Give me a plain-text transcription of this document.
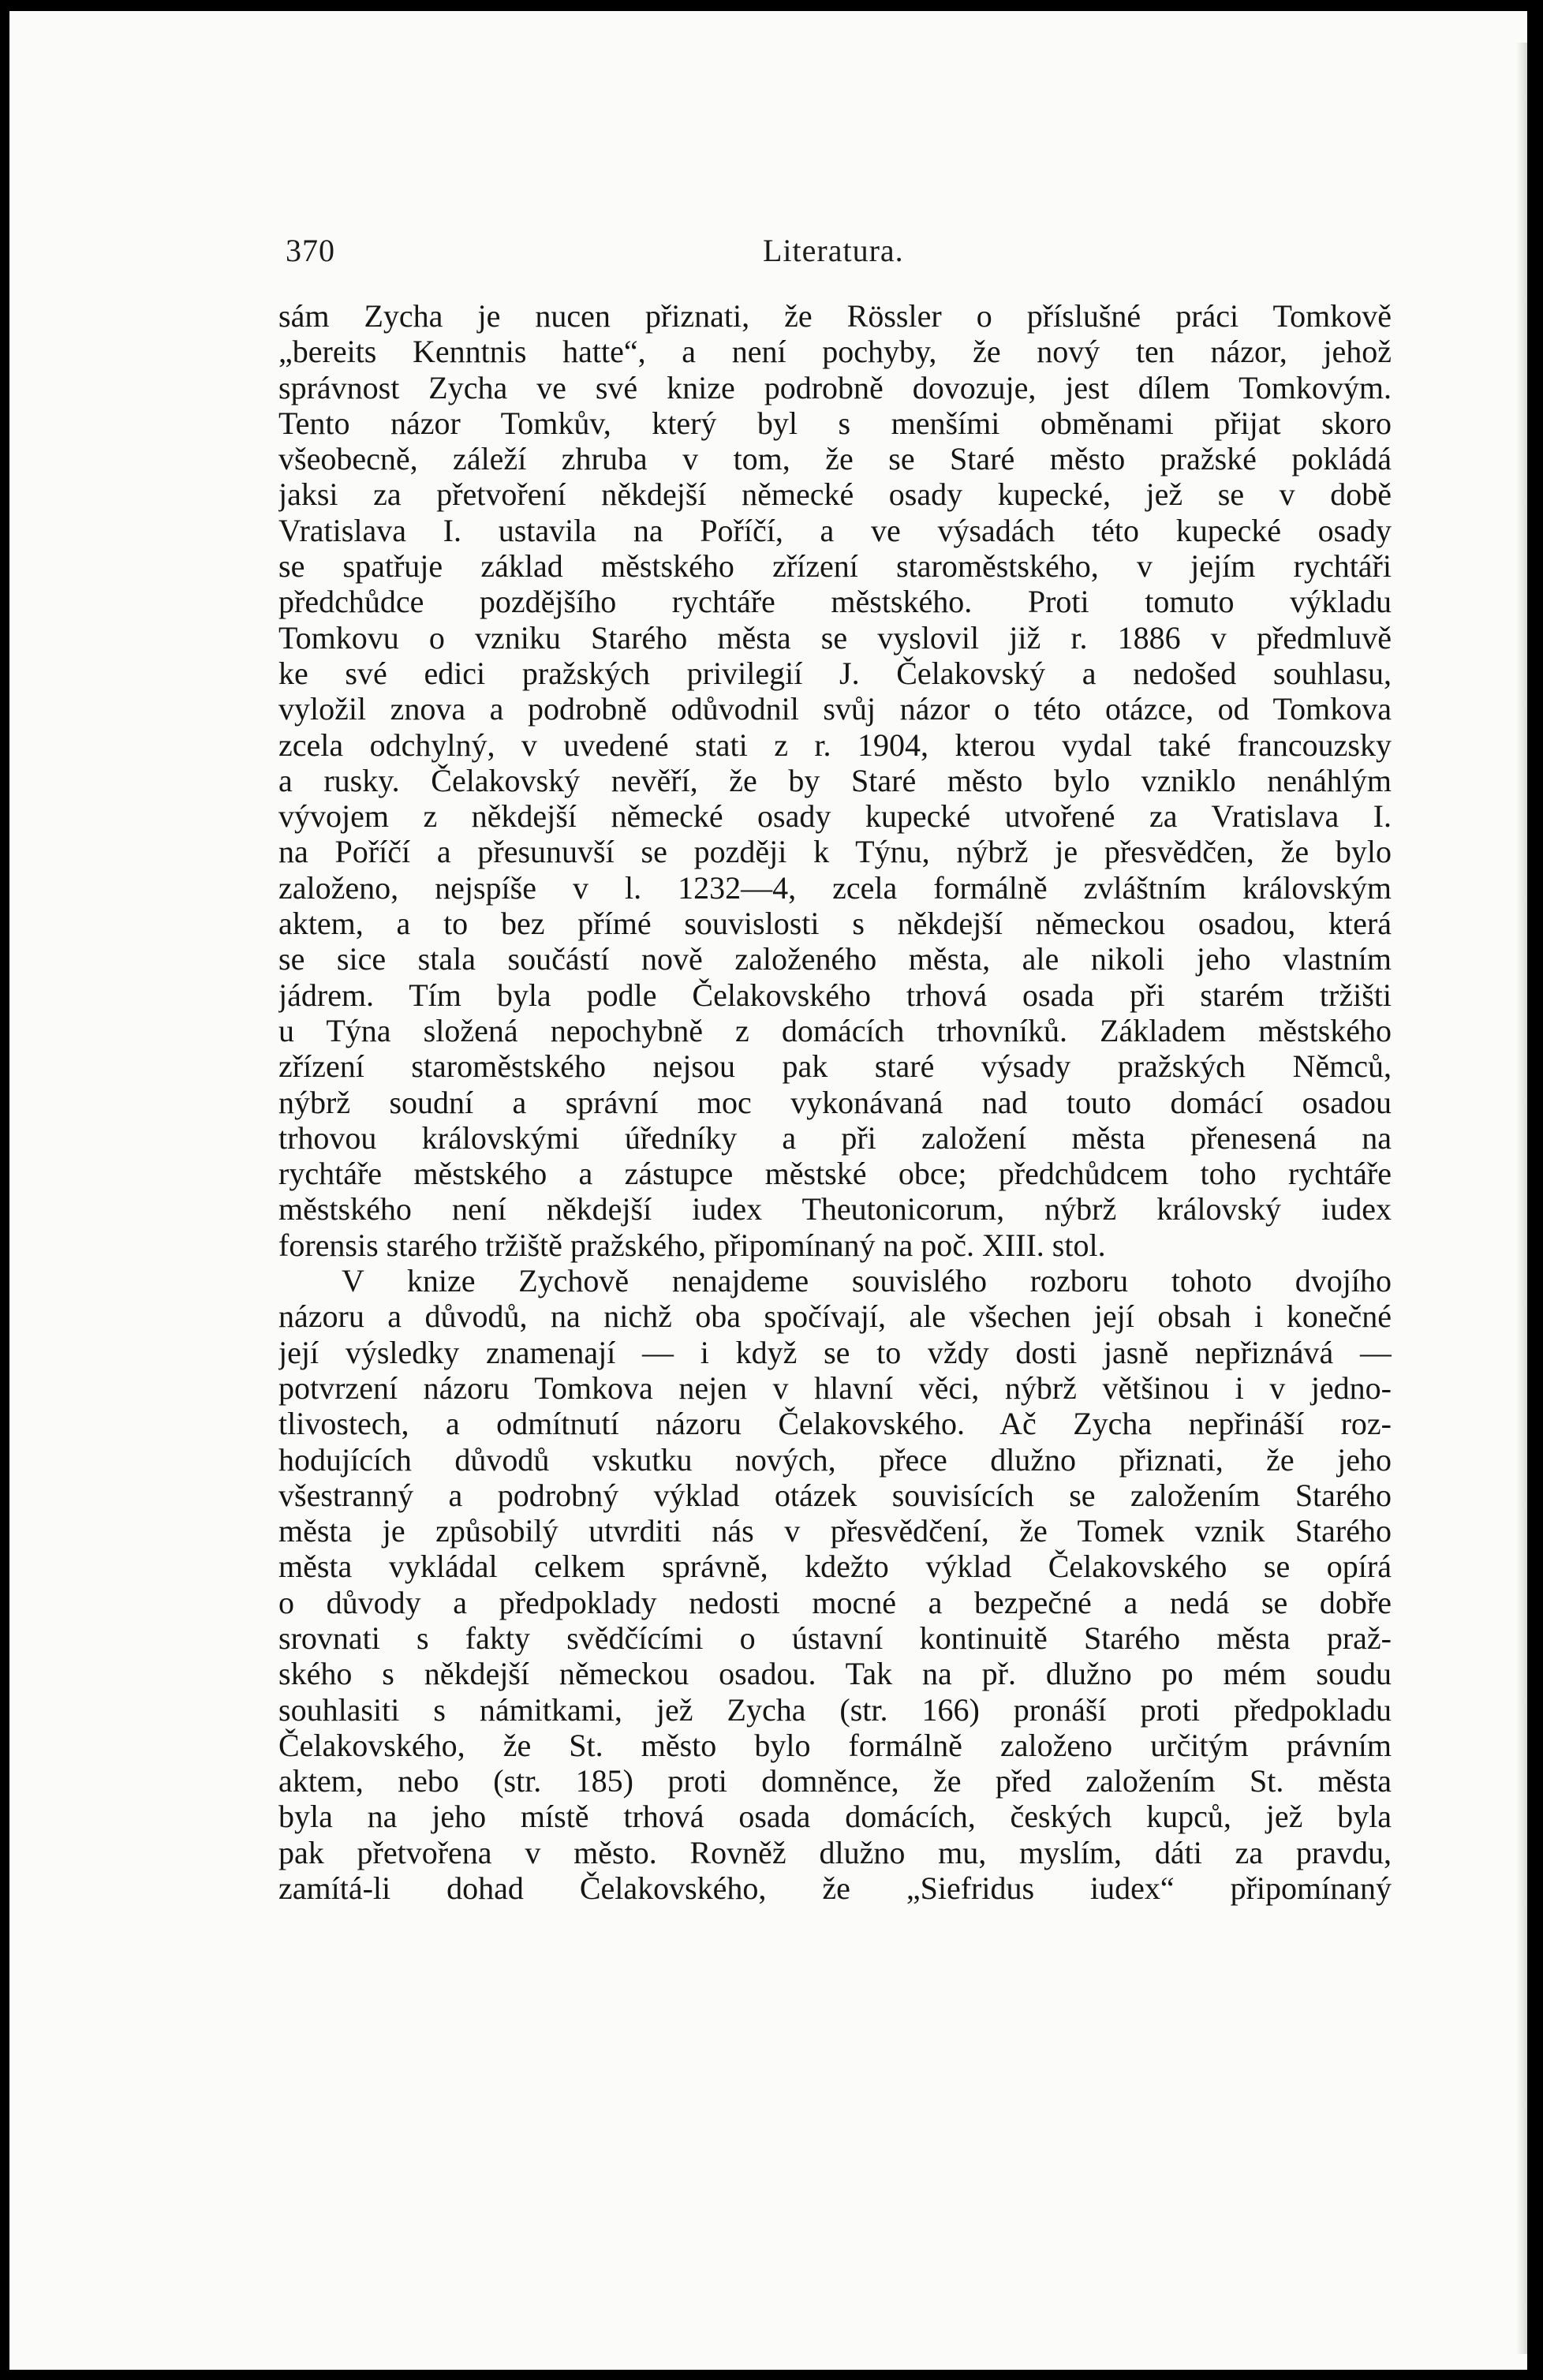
370	Literatura.
sám Zycha je nucen přiznati, že Rössler o příslušné práci Tomkově
„bereits Kenntnis hatte“, a není pochyby, že nový ten názor, jehož
správnost Zycha ve své knize podrobně dovozuje, jest dílem Tomkovým.
Tento názor Tomkův, který byl s menšími obměnami přijat skoro
všeobecně, záleží zhruba v tom, že se Staré město pražské pokládá
jaksi za přetvoření někdejší německé osady kupecké, jež se v době
Vratislava I. ustavila na Poříčí, a ve výsadách této kupecké osady
se spatřuje základ městského zřízení staroměstského, v jejím rychtáři
předchůdce pozdějšího rychtáře městského. Proti tomuto výkladu
Tomkovu o vzniku Starého města se vyslovil již r. 1886 v předmluvě
ke své edici pražských privilegií J. Čelakovský a nedošed souhlasu,
vyložil znova a podrobně odůvodnil svůj názor o této otázce, od Tomkova
zcela odchylný, v uvedené stati z r. 1904, kterou vydal také francouzsky
a rusky. Čelakovský nevěří, že by Staré město bylo vzniklo nenáhlým
vývojem z někdejší německé osady kupecké utvořené za Vratislava I.
na Poříčí a přesunuvší se později k Týnu, nýbrž je přesvědčen, že bylo
založeno, nejspíše v l. 1232—4, zcela formálně zvláštním královským
aktem, a to bez přímé souvislosti s někdejší německou osadou, která
se sice stala součástí nově založeného města, ale nikoli jeho vlastním
jádrem. Tím byla podle Čelakovského trhová osada při starém tržišti
u Týna složená nepochybně z domácích trhovníků. Základem městského
zřízení staroměstského nejsou pak staré výsady pražských Němců,
nýbrž soudní a správní moc vykonávaná nad touto domácí osadou
trhovou královskými úředníky a při založení města přenesená na
rychtáře městského a zástupce městské obce; předchůdcem toho rychtáře
městského není někdejší iudex Theutonicorum, nýbrž královský iudex
forensis starého tržiště pražského, připomínaný na poč. XIII. stol.
V knize Zychově nenajdeme souvislého rozboru tohoto dvojího
názoru a důvodů, na nichž oba spočívají, ale všechen její obsah i konečné
její výsledky znamenají — i když se to vždy dosti jasně nepřiznává —
potvrzení názoru Tomkova nejen v hlavní věci, nýbrž většinou i v jedno-
tlivostech, a odmítnutí názoru Čelakovského. Ač Zycha nepřináší roz-
hodujících důvodů vskutku nových, přece dlužno přiznati, že jeho
všestranný a podrobný výklad otázek souvisících se založením Starého
města je způsobilý utvrditi nás v přesvědčení, že Tomek vznik Starého
města vykládal celkem správně, kdežto výklad Čelakovského se opírá
o důvody a předpoklady nedosti mocné a bezpečné a nedá se dobře
srovnati s fakty svědčícími o ústavní kontinuitě Starého města praž-
ského s někdejší německou osadou. Tak na př. dlužno po mém soudu
souhlasiti s námitkami, jež Zycha (str. 166) pronáší proti předpokladu
Čelakovského, že St. město bylo formálně založeno určitým právním
aktem, nebo (str. 185) proti domněnce, že před založením St. města
byla na jeho místě trhová osada domácích, českých kupců, jež byla
pak přetvořena v město. Rovněž dlužno mu, myslím, dáti za pravdu,
zamítá-li dohad Čelakovského, že „Siefridus iudex“ připomínaný
